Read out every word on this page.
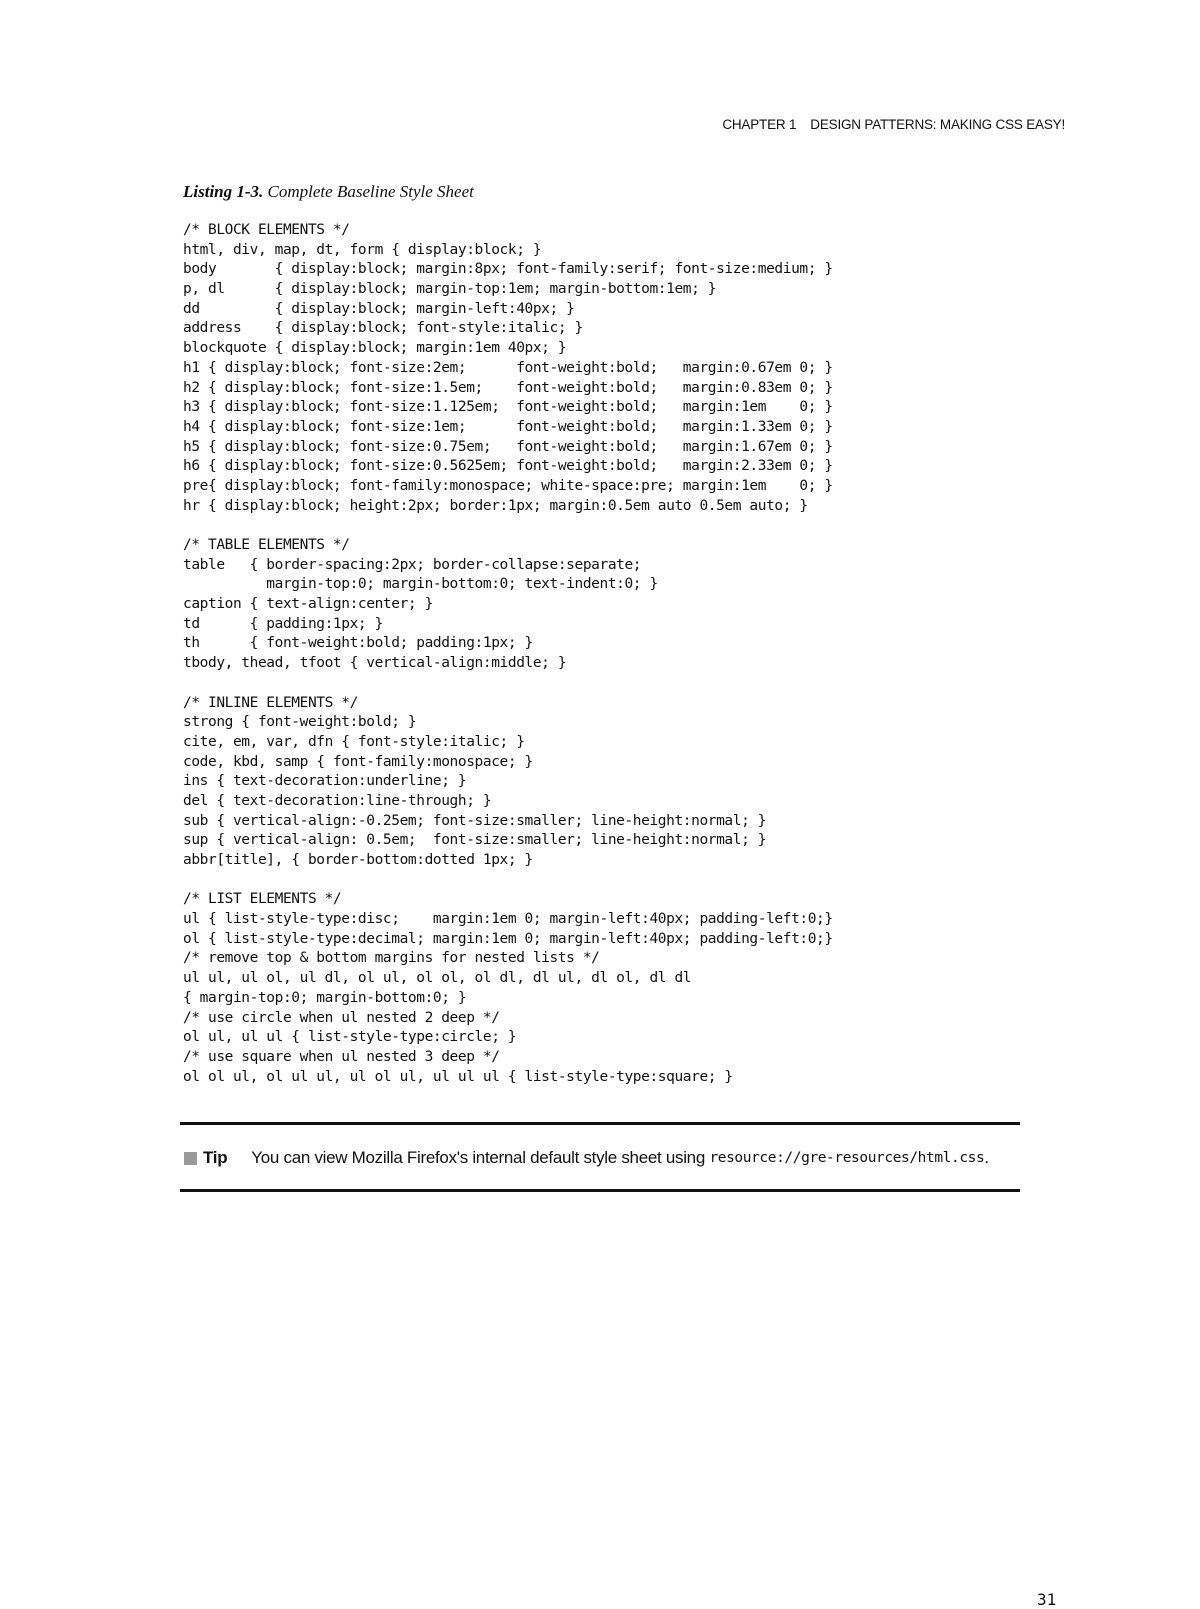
CHAPTER 1 DESIGN PATTERNS: MAKING CSS EASY!
Listing 1-3. Complete Baseline Style Sheet
/* BLOCK ELEMENTS */
html, div, map, dt, form { display:block; }
body       { display:block; margin:8px; font-family:serif; font-size:medium; }
p, dl      { display:block; margin-top:1em; margin-bottom:1em; }
dd         { display:block; margin-left:40px; }
address    { display:block; font-style:italic; }
blockquote { display:block; margin:1em 40px; }
h1 { display:block; font-size:2em;      font-weight:bold;   margin:0.67em 0; }
h2 { display:block; font-size:1.5em;    font-weight:bold;   margin:0.83em 0; }
h3 { display:block; font-size:1.125em;  font-weight:bold;   margin:1em    0; }
h4 { display:block; font-size:1em;      font-weight:bold;   margin:1.33em 0; }
h5 { display:block; font-size:0.75em;   font-weight:bold;   margin:1.67em 0; }
h6 { display:block; font-size:0.5625em; font-weight:bold;   margin:2.33em 0; }
pre{ display:block; font-family:monospace; white-space:pre; margin:1em    0; }
hr { display:block; height:2px; border:1px; margin:0.5em auto 0.5em auto; }
/* TABLE ELEMENTS */
table   { border-spacing:2px; border-collapse:separate;
margin-top:0; margin-bottom:0; text-indent:0; }
caption { text-align:center; }
td      { padding:1px; }
th      { font-weight:bold; padding:1px; }
tbody, thead, tfoot { vertical-align:middle; }
/* INLINE ELEMENTS */
strong { font-weight:bold; }
cite, em, var, dfn { font-style:italic; }
code, kbd, samp { font-family:monospace; }
ins { text-decoration:underline; }
del { text-decoration:line-through; }
sub { vertical-align:-0.25em; font-size:smaller; line-height:normal; }
sup { vertical-align: 0.5em;  font-size:smaller; line-height:normal; }
abbr[title], { border-bottom:dotted 1px; }
/* LIST ELEMENTS */
ul { list-style-type:disc;    margin:1em 0; margin-left:40px; padding-left:0;}
ol { list-style-type:decimal; margin:1em 0; margin-left:40px; padding-left:0;}
/* remove top & bottom margins for nested lists */
ul ul, ul ol, ul dl, ol ul, ol ol, ol dl, dl ul, dl ol, dl dl
{ margin-top:0; margin-bottom:0; }
/* use circle when ul nested 2 deep */
ol ul, ul ul { list-style-type:circle; }
/* use square when ul nested 3 deep */
ol ol ul, ol ul ul, ul ol ul, ul ul ul { list-style-type:square; }
Tip You can view Mozilla Firefox's internal default style sheet using
resource://gre-resources/html.css .
31
